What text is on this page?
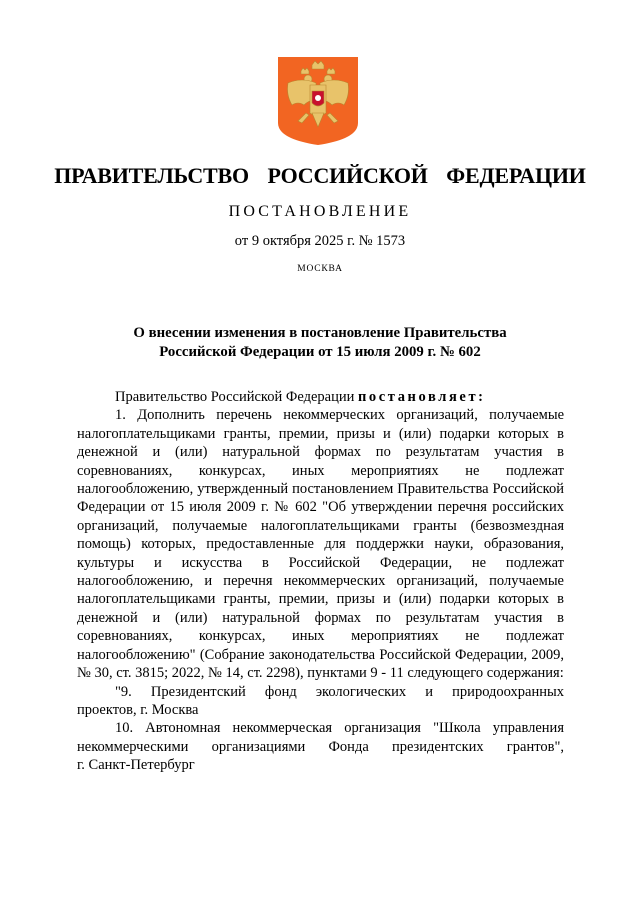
ПРАВИТЕЛЬСТВО  РОССИЙСКОЙ  ФЕДЕРАЦИИ
ПОСТАНОВЛЕНИЕ
от 9 октября 2025 г. № 1573
МОСКВА
О внесении изменения в постановление Правительства
Российской Федерации от 15 июля 2009 г. № 602

Правительство Российской Федерации постановляет:

1. Дополнить перечень некоммерческих организаций, получаемые налогоплательщиками гранты, премии, призы и (или) подарки которых в денежной и (или) натуральной формах по результатам участия в соревнованиях, конкурсах, иных мероприятиях не подлежат налогообложению, утвержденный постановлением Правительства Российской Федерации от 15 июля 2009 г. № 602 "Об утверждении перечня российских организаций, получаемые налогоплательщиками гранты (безвозмездная помощь) которых, предоставленные для поддержки науки, образования, культуры и искусства в Российской Федерации, не подлежат налогообложению, и перечня некоммерческих организаций, получаемые налогоплательщиками гранты, премии, призы и (или) подарки которых в денежной и (или) натуральной формах по результатам участия в соревнованиях, конкурсах, иных мероприятиях не подлежат налогообложению" (Собрание законодательства Российской Федерации, 2009, № 30, ст. 3815; 2022, № 14, ст. 2298), пунктами 9 - 11 следующего содержания:

"9. Президентский фонд экологических и природоохранных

проектов, г. Москва

10. Автономная некоммерческая организация "Школа управления

некоммерческими организациями Фонда президентских грантов",

г. Санкт-Петербург
